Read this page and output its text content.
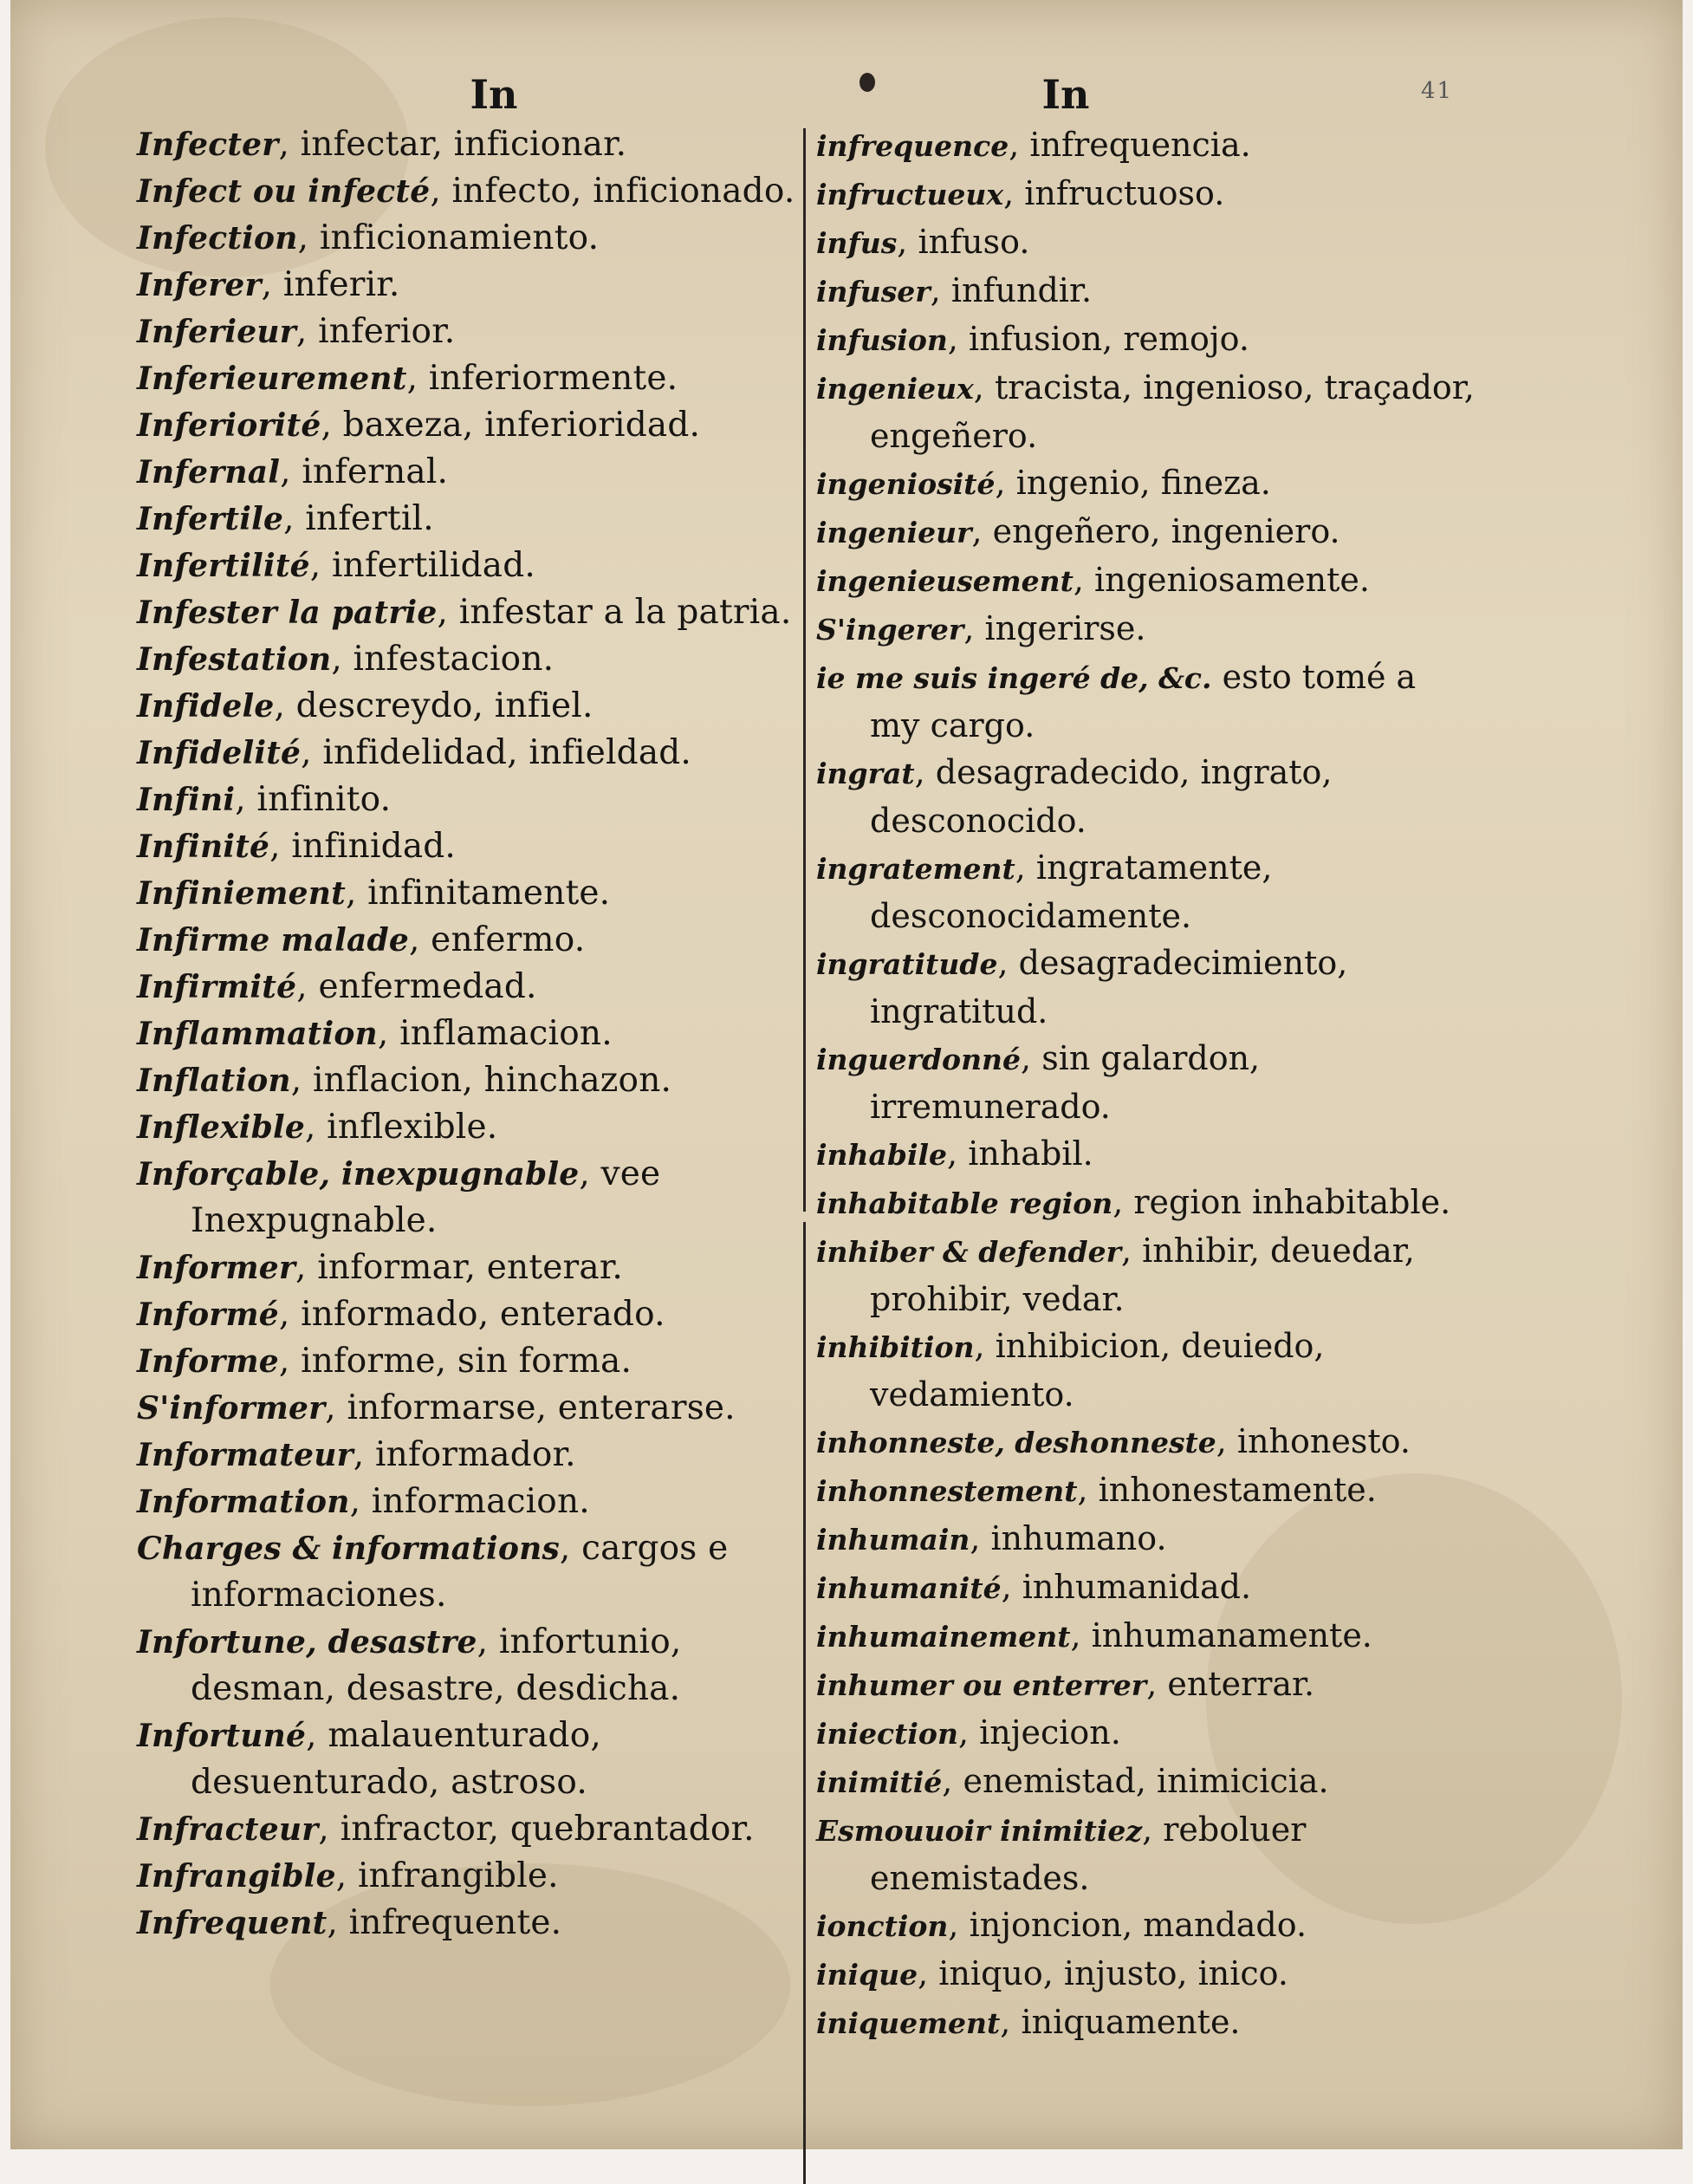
In	In	41
Infecter, infectar, inficionar.
Infect ou infecté, infecto, inficionado.
Infection, inficionamiento.
Inferer, inferir.
Inferieur, inferior.
Inferieurement, inferiormente.
Inferiorité, baxeza, inferioridad.
Infernal, infernal.
Infertile, infertil.
Infertilité, infertilidad.
Infester la patrie, infestar a la patria.
Infestation, infestacion.
Infidele, descreydo, infiel.
Infidelité, infidelidad, infieldad.
Infini, infinito.
Infinité, infinidad.
Infiniement, infinitamente.
Infirme malade, enfermo.
Infirmité, enfermedad.
Inflammation, inflamacion.
Inflation, inflacion, hinchazon.
Inflexible, inflexible.
Inforçable, inexpugnable, vee Inexpugnable.
Informer, informar, enterar.
Informé, informado, enterado.
Informe, informe, sin forma.
S'informer, informarse, enterarse.
Informateur, informador.
Information, informacion.
Charges & informations, cargos e informaciones.
Infortune, desastre, infortunio, desman, desastre, desdicha.
Infortuné, malauenturado, desuenturado, astroso.
Infracteur, infractor, quebrantador.
Infrangible, infrangible.
Infrequent, infrequente.
infrequence, infrequencia.
infructueux, infructuoso.
infus, infuso.
infuser, infundir.
infusion, infusion, remojo.
ingenieux, tracista, ingenioso, traçador, engeñero.
ingeniosité, ingenio, fineza.
ingenieur, engeñero, ingeniero.
ingenieusement, ingeniosamente.
S'ingerer, ingerirse.
ie me suis ingeré de, &c. esto tomé a my cargo.
ingrat, desagradecido, ingrato, desconocido.
ingratement, ingratamente, desconocidamente.
ingratitude, desagradecimiento, ingratitud.
inguerdonné, sin galardon, irremunerado.
inhabile, inhabil.
inhabitable region, region inhabitable.
inhiber & defender, inhibir, deuedar, prohibir, vedar.
inhibition, inhibicion, deuiedo, vedamiento.
inhonneste, deshonneste, inhonesto.
inhonnestement, inhonestamente.
inhumain, inhumano.
inhumanité, inhumanidad.
inhumainement, inhumanamente.
inhumer ou enterrer, enterrar.
iniection, injecion.
inimitié, enemistad, inimicicia.
Esmouuoir inimitiez, reboluer enemistades.
ionction, injoncion, mandado.
inique, iniquo, injusto, inico.
iniquement, iniquamente.
